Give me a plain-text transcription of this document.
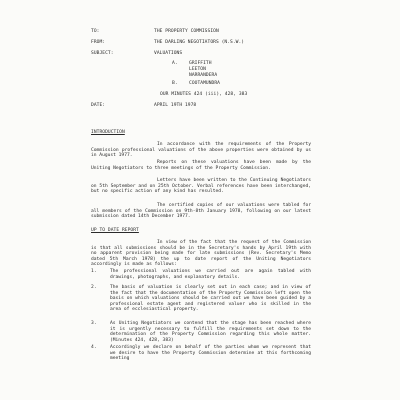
TO:	THE PROPERTY COMMISSION
FROM:	THE DARLING NEGOTIATORS (N.S.W.)
SUBJECT:	VALUATIONS
A. GRIFFITH
LEETON
NARRANDERA
B. COOTAMUNDRA
OUR MINUTES 424 (iii), 428, 383
DATE:	APRIL 19TH 1978
INTRODUCTION
In accordance with the requirements of the Property Commission professional valuations of the above properties were obtained by us in August 1977.
Reports on these valuations have been made by the Uniting Negotiators to three meetings of the Property Commission.
Letters have been written to the Continuing Negotiators on 5th September and on 25th October. Verbal references have been interchanged, but no specific action of any kind has resulted.
The certified copies of our valuations were tabled for all members of the Commission on 9th-8th January 1978, following on our latest submission dated 14th December 1977.
UP TO DATE REPORT
In view of the fact that the request of the Commission is that all submissions should be in the Secretary's hands by April 19th with no apparent provision being made for late submissions (Rev. Secretary's Memo dated 5th March 1978) the up to date report of the Uniting Negotiators accordingly is made as follows:
1.	The professional valuations we carried out are again tabled with drawings, photographs, and explanatory details.
2.	The basis of valuation is clearly set out in each case; and in view of the fact that the documentation of the Property Commission left open the basis on which valuations should be carried out we have been guided by a professional estate agent and registered valuer who is skilled in the area of ecclesiastical property.
3.	As Uniting Negotiators we contend that the stage has been reached where it is urgently necessary to fulfill the requirements set down to the determination of the Property Commission regarding this whole matter. (Minutes 424, 428, 383)
4.	Accordingly we declare on behalf of the parties whom we represent that we desire to have the Property Commission determine at this forthcoming meeting
